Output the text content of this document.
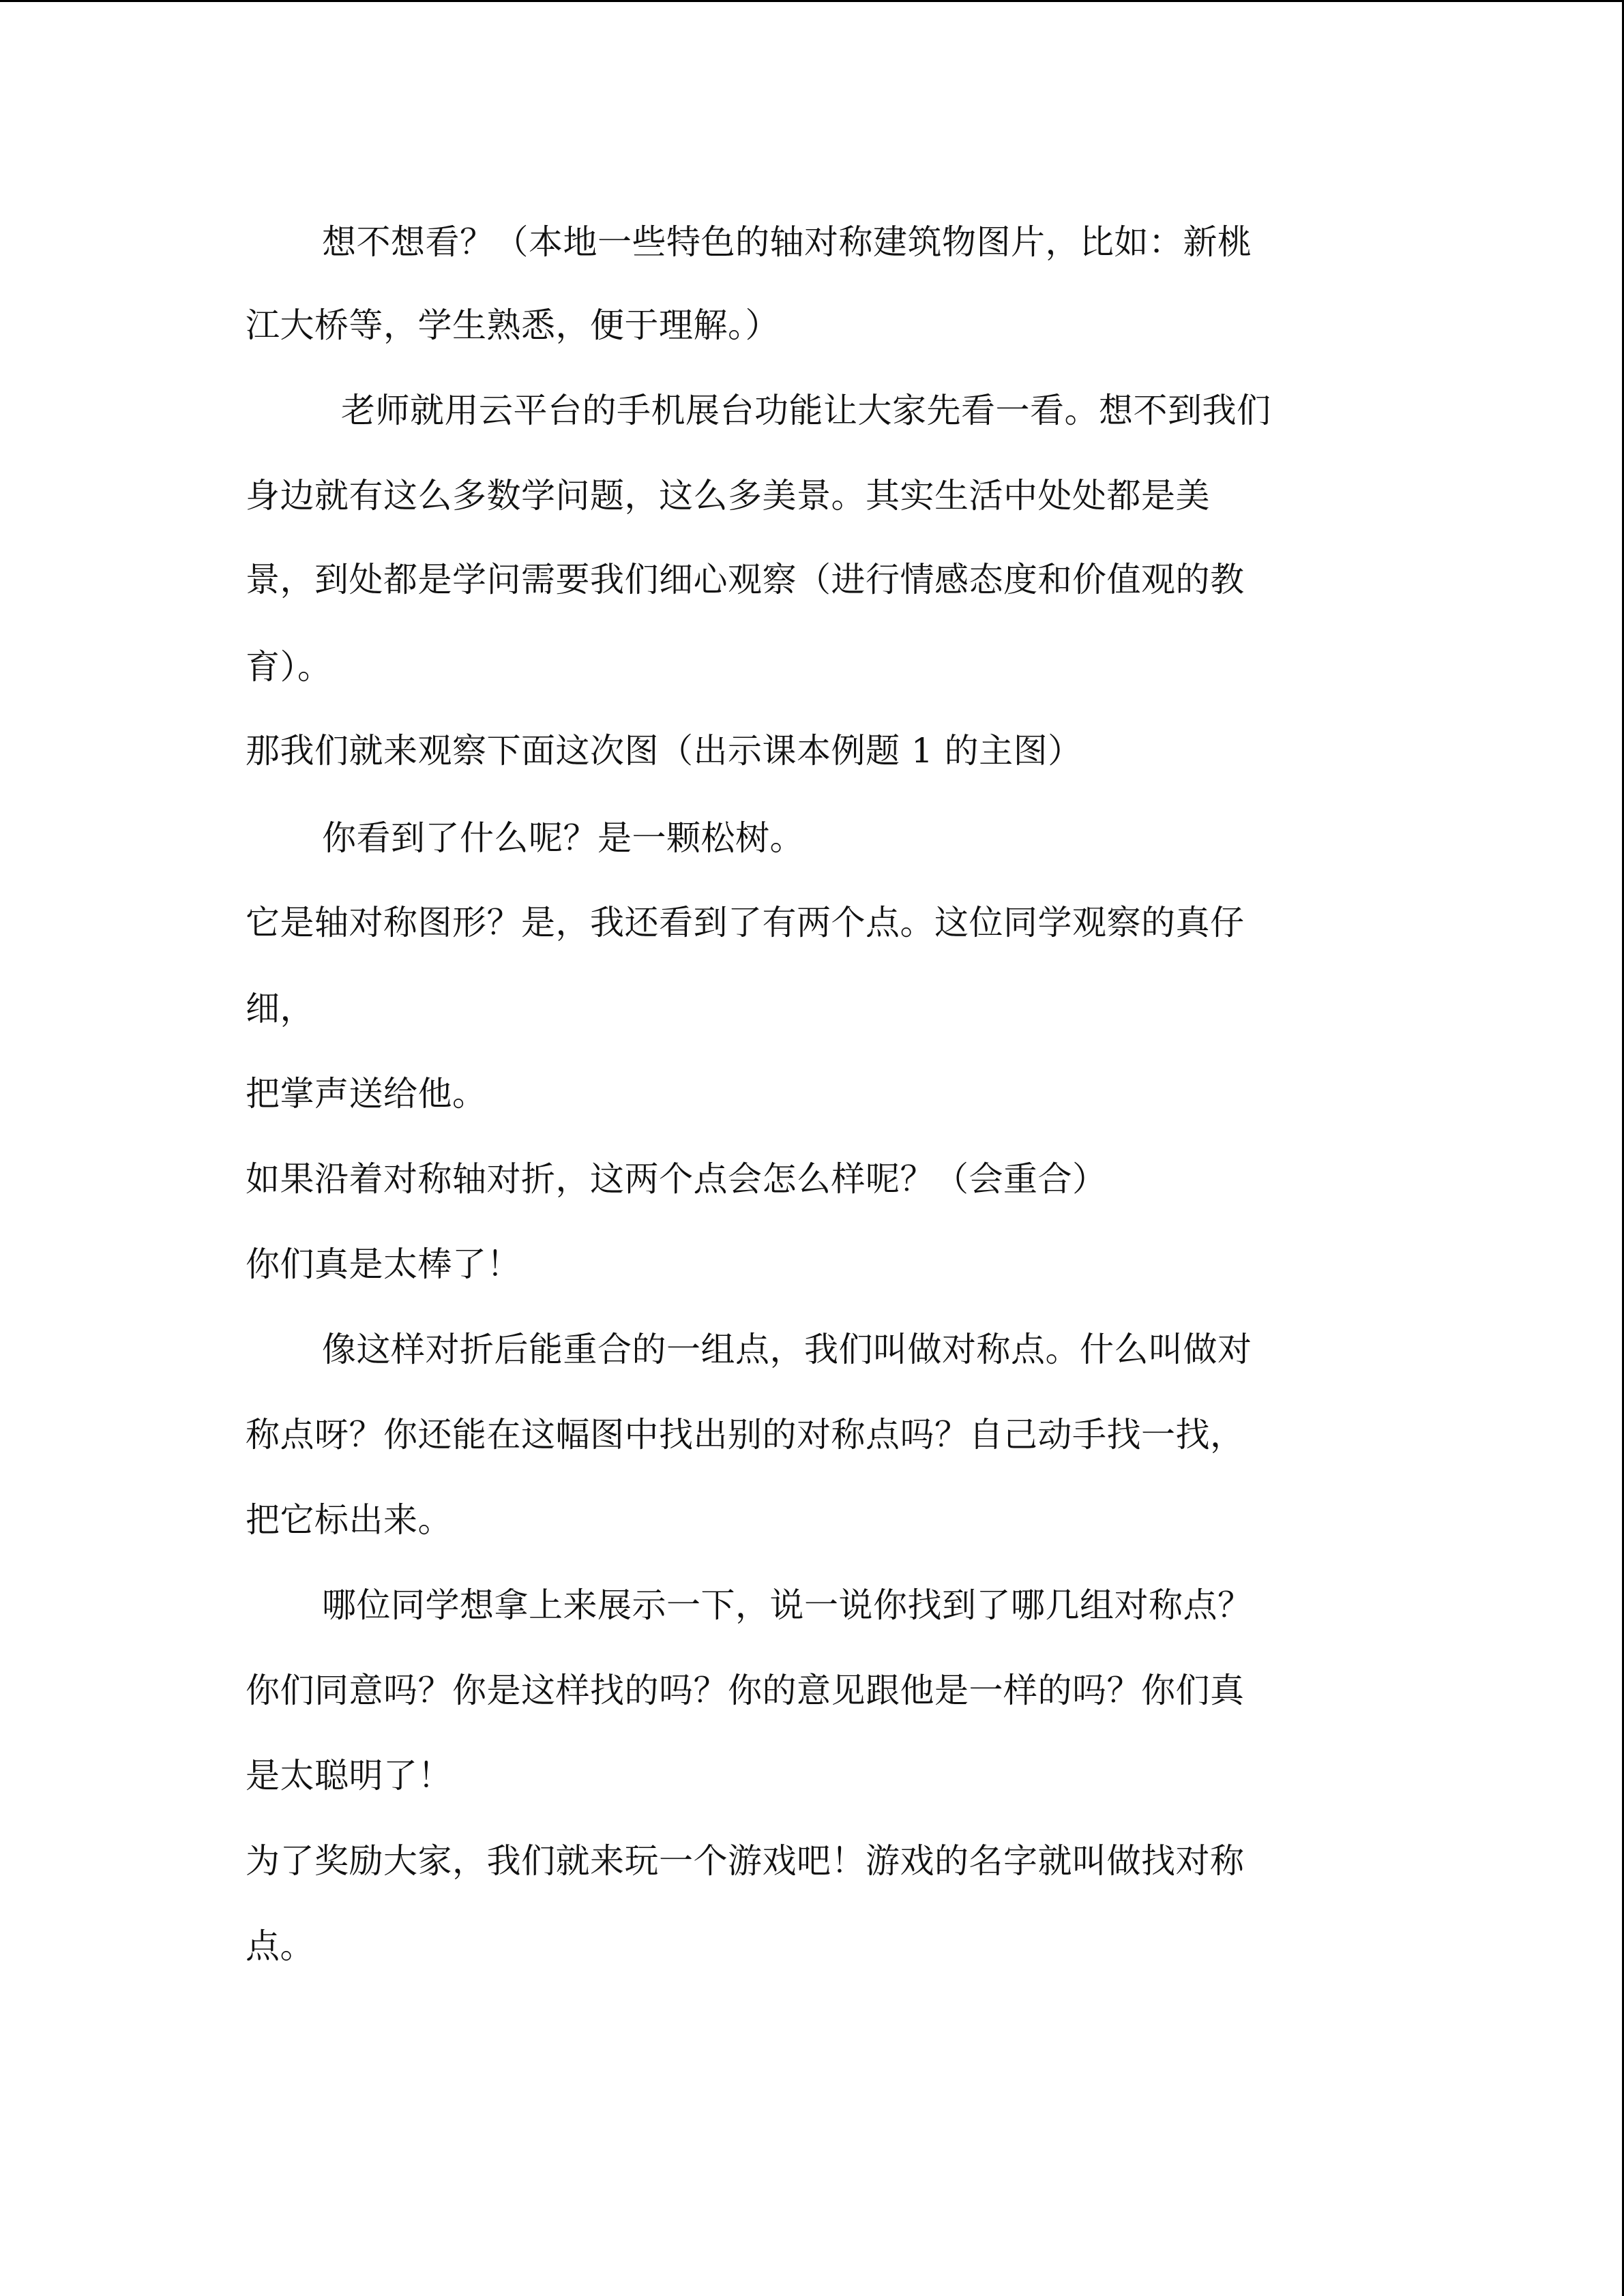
想不想看？（本地一些特色的轴对称建筑物图片，比如：新桃
江大桥等，学生熟悉，便于理解。）
老师就用云平台的手机展台功能让大家先看一看。想不到我们
身边就有这么多数学问题，这么多美景。其实生活中处处都是美
景，到处都是学问需要我们细心观察（进行情感态度和价值观的教
育）。
那我们就来观察下面这次图（出示课本例题 1 的主图）
你看到了什么呢？是一颗松树。
它是轴对称图形？是，我还看到了有两个点。这位同学观察的真仔
细，
把掌声送给他。
如果沿着对称轴对折，这两个点会怎么样呢？（会重合）
你们真是太棒了！
像这样对折后能重合的一组点，我们叫做对称点。什么叫做对
称点呀？你还能在这幅图中找出别的对称点吗？自己动手找一找，
把它标出来。
哪位同学想拿上来展示一下，说一说你找到了哪几组对称点？
你们同意吗？你是这样找的吗？你的意见跟他是一样的吗？你们真
是太聪明了！
为了奖励大家，我们就来玩一个游戏吧！游戏的名字就叫做找对称
点。
